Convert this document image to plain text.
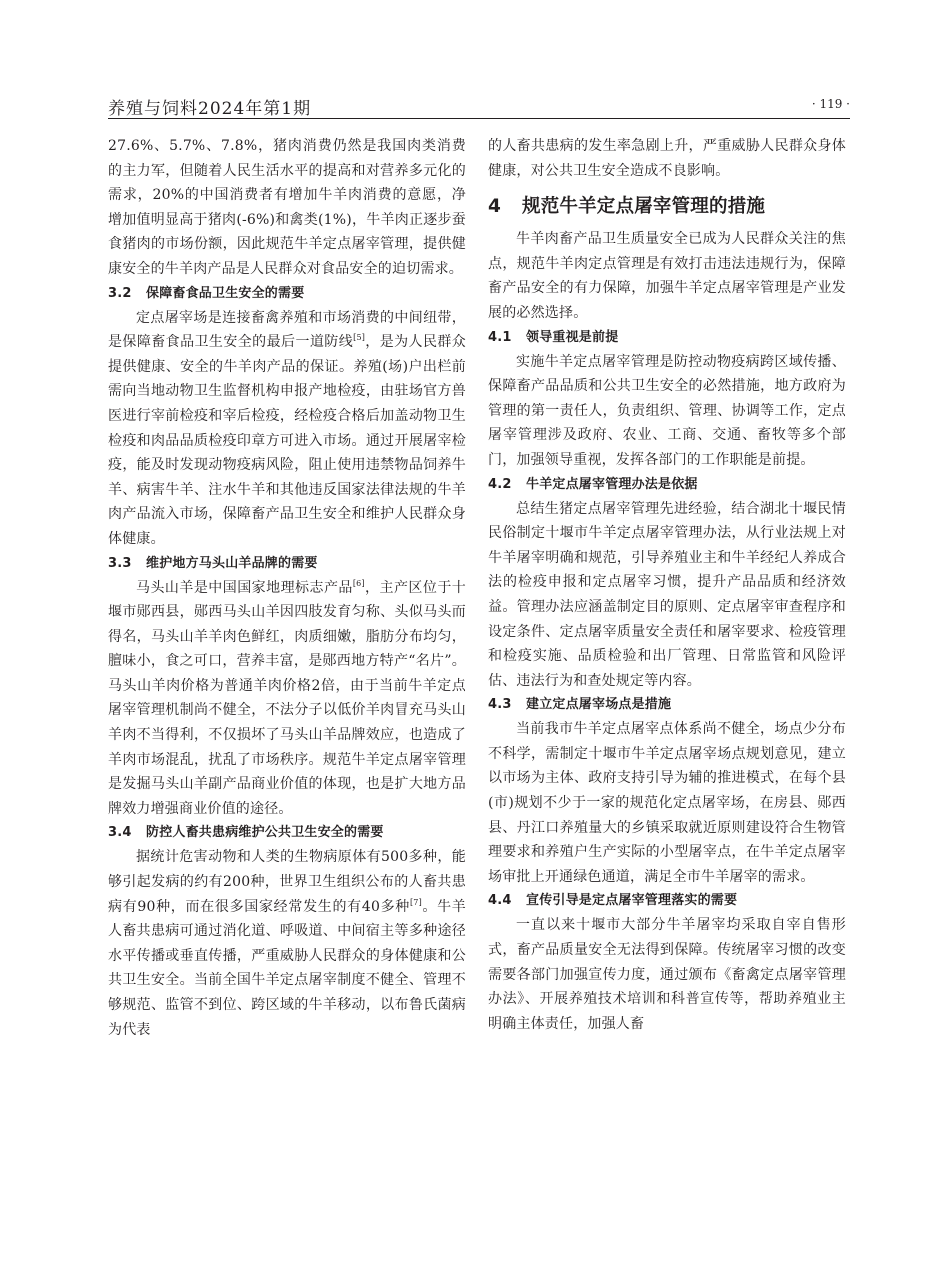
养殖与饲料2024年第1期	· 119 ·

27.6%、5.7%、7.8%，猪肉消费仍然是我国肉类消费的主力军，但随着人民生活水平的提高和对营养多元化的需求，20%的中国消费者有增加牛羊肉消费的意愿，净增加值明显高于猪肉(-6%)和禽类(1%)，牛羊肉正逐步蚕食猪肉的市场份额，因此规范牛羊定点屠宰管理，提供健康安全的牛羊肉产品是人民群众对食品安全的迫切需求。

3.2 保障畜食品卫生安全的需要

定点屠宰场是连接畜禽养殖和市场消费的中间纽带，是保障畜食品卫生安全的最后一道防线[5]，是为人民群众提供健康、安全的牛羊肉产品的保证。养殖(场)户出栏前需向当地动物卫生监督机构申报产地检疫，由驻场官方兽医进行宰前检疫和宰后检疫，经检疫合格后加盖动物卫生检疫和肉品品质检疫印章方可进入市场。通过开展屠宰检疫，能及时发现动物疫病风险，阻止使用违禁物品饲养牛羊、病害牛羊、注水牛羊和其他违反国家法律法规的牛羊肉产品流入市场，保障畜产品卫生安全和维护人民群众身体健康。

3.3 维护地方马头山羊品牌的需要

马头山羊是中国国家地理标志产品[6]，主产区位于十堰市郧西县，郧西马头山羊因四肢发育匀称、头似马头而得名，马头山羊羊肉色鲜红，肉质细嫩，脂肪分布均匀，膻味小，食之可口，营养丰富，是郧西地方特产“名片”。马头山羊肉价格为普通羊肉价格2倍，由于当前牛羊定点屠宰管理机制尚不健全，不法分子以低价羊肉冒充马头山羊肉不当得利，不仅损坏了马头山羊品牌效应，也造成了羊肉市场混乱，扰乱了市场秩序。规范牛羊定点屠宰管理是发掘马头山羊副产品商业价值的体现，也是扩大地方品牌效力增强商业价值的途径。

3.4 防控人畜共患病维护公共卫生安全的需要

据统计危害动物和人类的生物病原体有500多种，能够引起发病的约有200种，世界卫生组织公布的人畜共患病有90种，而在很多国家经常发生的有40多种[7]。牛羊人畜共患病可通过消化道、呼吸道、中间宿主等多种途径水平传播或垂直传播，严重威胁人民群众的身体健康和公共卫生安全。当前全国牛羊定点屠宰制度不健全、管理不够规范、监管不到位、跨区域的牛羊移动，以布鲁氏菌病为代表

的人畜共患病的发生率急剧上升，严重威胁人民群众身体健康，对公共卫生安全造成不良影响。

4 规范牛羊定点屠宰管理的措施

牛羊肉畜产品卫生质量安全已成为人民群众关注的焦点，规范牛羊肉定点管理是有效打击违法违规行为，保障畜产品安全的有力保障，加强牛羊定点屠宰管理是产业发展的必然选择。

4.1 领导重视是前提

实施牛羊定点屠宰管理是防控动物疫病跨区域传播、保障畜产品品质和公共卫生安全的必然措施，地方政府为管理的第一责任人，负责组织、管理、协调等工作，定点屠宰管理涉及政府、农业、工商、交通、畜牧等多个部门，加强领导重视，发挥各部门的工作职能是前提。

4.2 牛羊定点屠宰管理办法是依据

总结生猪定点屠宰管理先进经验，结合湖北十堰民情民俗制定十堰市牛羊定点屠宰管理办法，从行业法规上对牛羊屠宰明确和规范，引导养殖业主和牛羊经纪人养成合法的检疫申报和定点屠宰习惯，提升产品品质和经济效益。管理办法应涵盖制定目的原则、定点屠宰审查程序和设定条件、定点屠宰质量安全责任和屠宰要求、检疫管理和检疫实施、品质检验和出厂管理、日常监管和风险评估、违法行为和查处规定等内容。

4.3 建立定点屠宰场点是措施

当前我市牛羊定点屠宰点体系尚不健全，场点少分布不科学，需制定十堰市牛羊定点屠宰场点规划意见，建立以市场为主体、政府支持引导为辅的推进模式，在每个县(市)规划不少于一家的规范化定点屠宰场，在房县、郧西县、丹江口养殖量大的乡镇采取就近原则建设符合生物管理要求和养殖户生产实际的小型屠宰点，在牛羊定点屠宰场审批上开通绿色通道，满足全市牛羊屠宰的需求。

4.4 宣传引导是定点屠宰管理落实的需要

一直以来十堰市大部分牛羊屠宰均采取自宰自售形式，畜产品质量安全无法得到保障。传统屠宰习惯的改变需要各部门加强宣传力度，通过颁布《畜禽定点屠宰管理办法》、开展养殖技术培训和科普宣传等，帮助养殖业主明确主体责任，加强人畜
